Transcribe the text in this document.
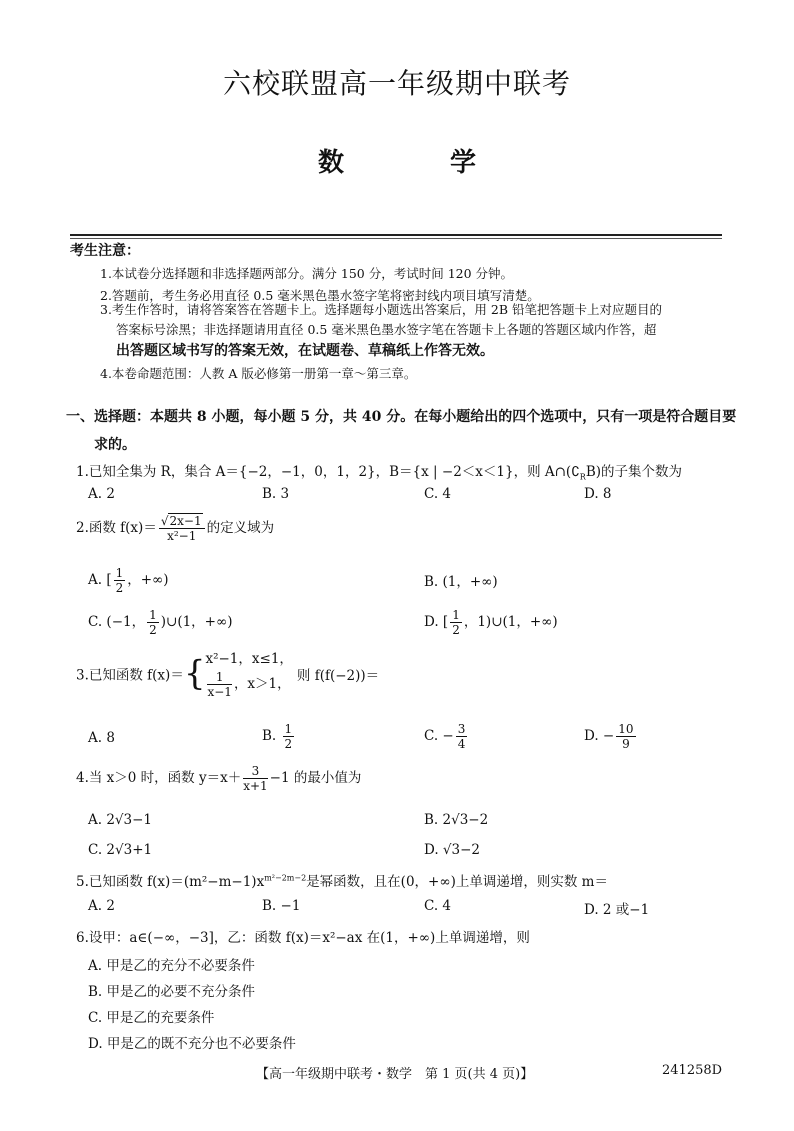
六校联盟高一年级期中联考
数　学
考生注意：
1.本试卷分选择题和非选择题两部分。满分 150 分，考试时间 120 分钟。
2.答题前，考生务必用直径 0.5 毫米黑色墨水签字笔将密封线内项目填写清楚。
3.考生作答时，请将答案答在答题卡上。选择题每小题选出答案后，用 2B 铅笔把答题卡上对应题目的
答案标号涂黑；非选择题请用直径 0.5 毫米黑色墨水签字笔在答题卡上各题的答题区域内作答，超
出答题区域书写的答案无效，在试题卷、草稿纸上作答无效。
4.本卷命题范围：人教 A 版必修第一册第一章～第三章。
一、选择题：本题共 8 小题，每小题 5 分，共 40 分。在每小题给出的四个选项中，只有一项是符合题目要
求的。
1.已知全集为 R，集合 A＝{−2，−1，0，1，2}，B＝{x | −2＜x＜1}，则 $A\cap(∁_RB)$的子集个数为
A. 2	B. 3	C. 4	D. 8
2.函数 $f(x)= \frac{√2x-1}{\text{x²−1}}$ 的定义域为
A. [ $\frac{1}{2}$ ，+∞)	B. (1，+∞)
C. (−1， $\frac{1}{2}$ )∪(1，+∞)	D. [ $\frac{1}{2}$ ，1)∪(1，+∞)
3.已知函数 f(x)＝{ x²−1，x≤1，
$\frac{1}{x-1}$ ，x＞1，
则 f(f(−2))＝
A. 8	B. $\frac{1}{2}$	C. − $\frac{3}{4}$	D. − $\frac{10}{9}$
4.当 x＞0 时，函数 $y=x+ \frac{3}{x+1} -1$ 的最小值为
A. 2√3−1	B. 2√3−2
C. 2√3+1	D. √3−2
5.已知函数 $f(x)=(m^2-m-1)x^{m^2-2m-2}$是幂函数，且在(0，+∞)上单调递增，则实数 m＝
A. 2	B. −1	C. 4	D. 2 或−1
6.设甲：a∈(−∞，−3]，乙：函数 f(x)＝x²−ax 在(1，+∞)上单调递增，则
A. 甲是乙的充分不必要条件
B. 甲是乙的必要不充分条件
C. 甲是乙的充要条件
D. 甲是乙的既不充分也不必要条件
【高一年级期中联考・数学　第 1 页(共 4 页)】	241258D
